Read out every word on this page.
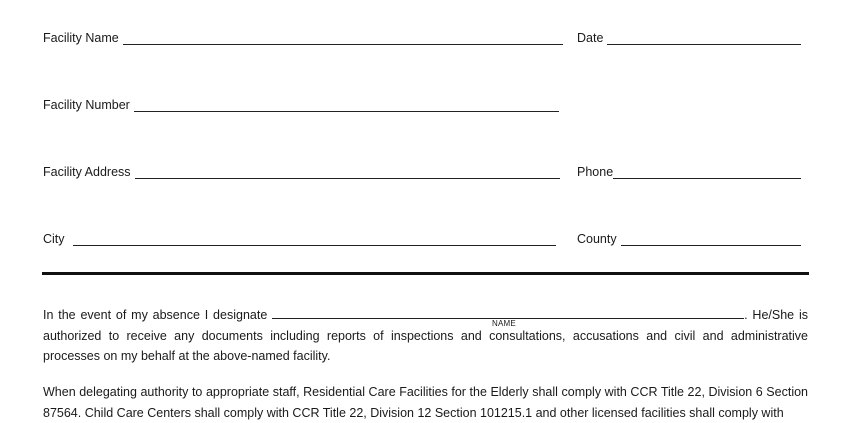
Facility Name	Date
Facility Number
Facility Address	Phone
City	County
In the event of my absence I designate	. He/She is authorized to receive any documents including reports of inspections and consultations, accusations and civil and administrative processes on my behalf at the above-named facility.
NAME
When delegating authority to appropriate staff, Residential Care Facilities for the Elderly shall comply with CCR Title 22, Division 6 Section 87564. Child Care Centers shall comply with CCR Title 22, Division 12 Section 101215.1 and other licensed facilities shall comply with
